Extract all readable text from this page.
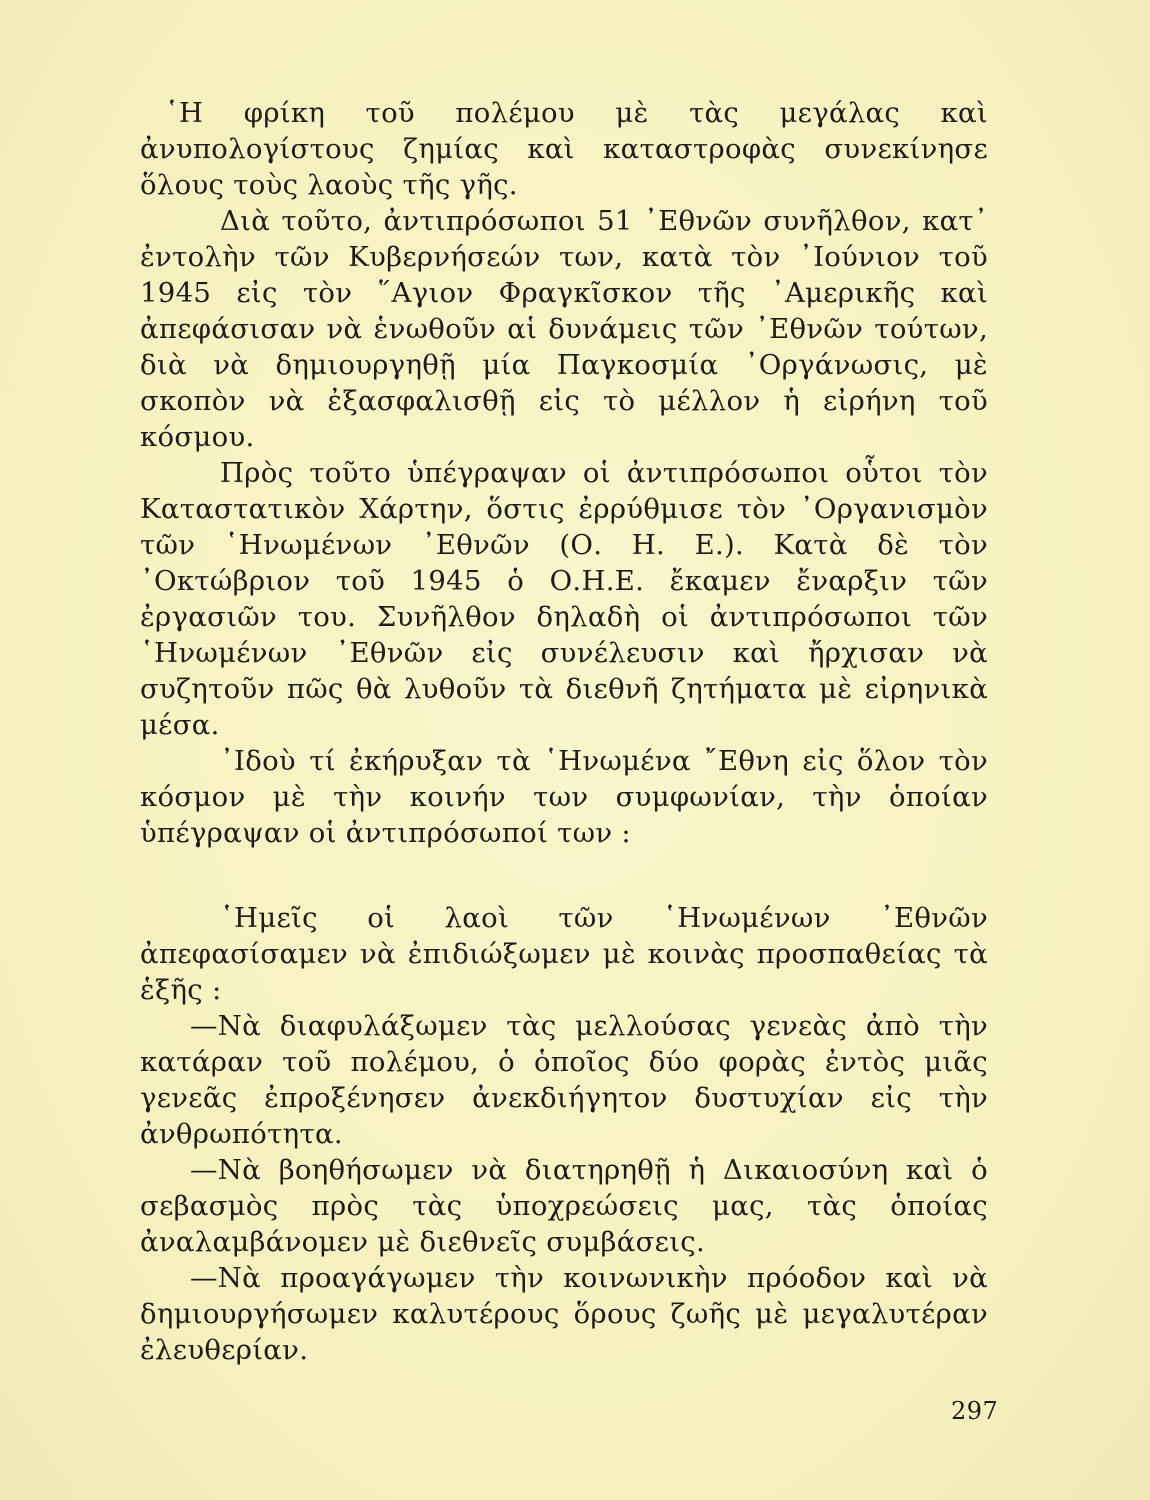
῾Η φρίκη τοῦ πολέμου μὲ τὰς μεγάλας καὶ ἀνυπολογίστους ζημίας καὶ καταστροφὰς συνεκίνησε ὅλους τοὺς λαοὺς τῆς γῆς.

Διὰ τοῦτο, ἀντιπρόσωποι 51 ᾿Εθνῶν συνῆλθον, κατ᾿ ἐντολὴν τῶν Κυβερνήσεών των, κατὰ τὸν ᾿Ιούνιον τοῦ 1945 εἰς τὸν ῞Αγιον Φραγκῖσκον τῆς ᾿Αμερικῆς καὶ ἀπεφάσισαν νὰ ἑνωθοῦν αἱ δυνάμεις τῶν ᾿Εθνῶν τούτων, διὰ νὰ δημιουργηθῇ μία Παγκοσμία ᾿Οργάνωσις, μὲ σκοπὸν νὰ ἐξασφαλισθῇ εἰς τὸ μέλλον ἡ εἰρήνη τοῦ κόσμου.

Πρὸς τοῦτο ὑπέγραψαν οἱ ἀντιπρόσωποι οὗτοι τὸν Καταστατικὸν Χάρτην, ὅστις ἐρρύθμισε τὸν ᾿Οργανισμὸν τῶν ῾Ηνωμένων ᾿Εθνῶν (Ο. Η. Ε.). Κατὰ δὲ τὸν ᾿Οκτώβριον τοῦ 1945 ὁ Ο.Η.Ε. ἔκαμεν ἔναρξιν τῶν ἐργασιῶν του. Συνῆλθον δηλαδὴ οἱ ἀντιπρόσωποι τῶν ῾Ηνωμένων ᾿Εθνῶν εἰς συνέλευσιν καὶ ἤρχισαν νὰ συζητοῦν πῶς θὰ λυθοῦν τὰ διεθνῆ ζητήματα μὲ εἰρηνικὰ μέσα.

᾿Ιδοὺ τί ἐκήρυξαν τὰ ῾Ηνωμένα ῎Εθνη εἰς ὅλον τὸν κόσμον μὲ τὴν κοινήν των συμφωνίαν, τὴν ὁποίαν ὑπέγραψαν οἱ ἀντιπρόσωποί των :

῾Ημεῖς οἱ λαοὶ τῶν ῾Ηνωμένων ᾿Εθνῶν ἀπεφασίσαμεν νὰ ἐπιδιώξωμεν μὲ κοινὰς προσπαθείας τὰ ἑξῆς :

—Νὰ διαφυλάξωμεν τὰς μελλούσας γενεὰς ἀπὸ τὴν κατάραν τοῦ πολέμου, ὁ ὁποῖος δύο φορὰς ἐντὸς μιᾶς γενεᾶς ἐπροξένησεν ἀνεκδιήγητον δυστυχίαν εἰς τὴν ἀνθρωπότητα.

—Νὰ βοηθήσωμεν νὰ διατηρηθῇ ἡ Δικαιοσύνη καὶ ὁ σεβασμὸς πρὸς τὰς ὑποχρεώσεις μας, τὰς ὁποίας ἀναλαμβάνομεν μὲ διεθνεῖς συμβάσεις.

—Νὰ προαγάγωμεν τὴν κοινωνικὴν πρόοδον καὶ νὰ δημιουργήσωμεν καλυτέρους ὅρους ζωῆς μὲ μεγαλυτέραν ἐλευθερίαν.

297
